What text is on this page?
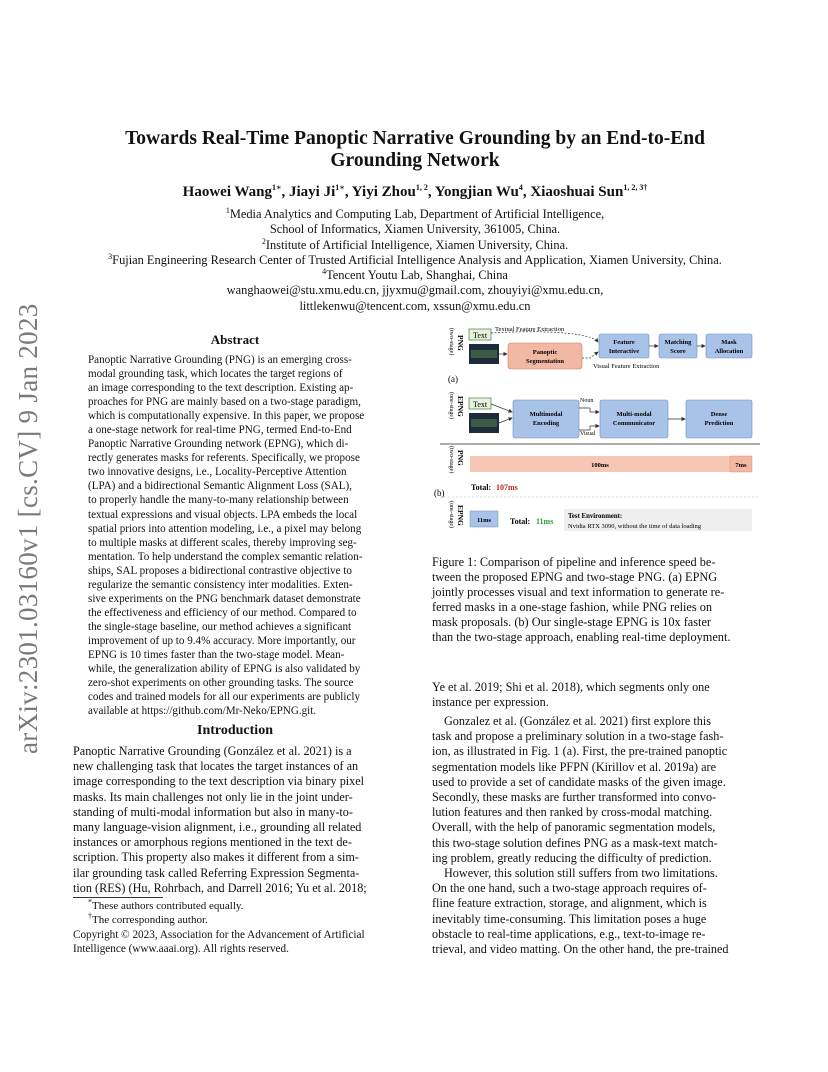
arXiv:2301.03160v1 [cs.CV] 9 Jan 2023
Towards Real-Time Panoptic Narrative Grounding by an End-to-End
Grounding Network
Haowei Wang$^{1∗}$, Jiayi $Ji^{1∗}$, Yiyi Zhou$^{1, 2}$, Yongjian Wu$^4$, Xiaoshuai Sun$^{1, 2, 3\dagger}$
$^1$Media Analytics and Computing Lab, Department of Artificial Intelligence,
School of Informatics, Xiamen University, 361005, China.
$^2$Institute of Artificial Intelligence, Xiamen University, China.
$^3$Fujian Engineering Research Center of Trusted Artificial Intelligence Analysis and Application, Xiamen University, China.
$^4$Tencent Youtu Lab, Shanghai, China
wanghaowei@stu.xmu.edu.cn, jjyxmu@gmail.com, zhouyiyi@xmu.edu.cn,
littlekenwu@tencent.com, xssun@xmu.edu.cn
Abstract
Panoptic Narrative Grounding (PNG) is an emerging cross-
modal grounding task, which locates the target regions of
an image corresponding to the text description. Existing ap-
proaches for PNG are mainly based on a two-stage paradigm,
which is computationally expensive. In this paper, we propose
a one-stage network for real-time PNG, termed End-to-End
Panoptic Narrative Grounding network (EPNG), which di-
rectly generates masks for referents. Specifically, we propose
two innovative designs, i.e., Locality-Perceptive Attention
(LPA) and a bidirectional Semantic Alignment Loss (SAL),
to properly handle the many-to-many relationship between
textual expressions and visual objects. LPA embeds the local
spatial priors into attention modeling, i.e., a pixel may belong
to multiple masks at different scales, thereby improving seg-
mentation. To help understand the complex semantic relation-
ships, SAL proposes a bidirectional contrastive objective to
regularize the semantic consistency inter modalities. Exten-
sive experiments on the PNG benchmark dataset demonstrate
the effectiveness and efficiency of our method. Compared to
the single-stage baseline, our method achieves a significant
improvement of up to 9.4% accuracy. More importantly, our
EPNG is 10 times faster than the two-stage model. Mean-
while, the generalization ability of EPNG is also validated by
zero-shot experiments on other grounding tasks. The source
codes and trained models for all our experiments are publicly
available at https://github.com/Mr-Neko/EPNG.git.
Introduction
Panoptic Narrative Grounding (González et al. 2021) is a
new challenging task that locates the target instances of an
image corresponding to the text description via binary pixel
masks. Its main challenges not only lie in the joint under-
standing of multi-modal information but also in many-to-
many language-vision alignment, i.e., grounding all related
instances or amorphous regions mentioned in the text de-
scription. This property also makes it different from a sim-
ilar grounding task called Referring Expression Segmenta-
tion (RES) (Hu, Rohrbach, and Darrell 2016; Yu et al. 2018;
*These authors contributed equally.
†The corresponding author.
Copyright © 2023, Association for the Advancement of Artificial
Intelligence (www.aaai.org). All rights reserved.
PNG
(two-stage) Text
Textual Feature Extraction
Panoptic
Segmentation
Visual Feature Extraction
Feature
Interactive
Matching
Score
Mask
Allocation
(a)
EPNG
(one-stage) Text
Multimodal
Encoding
Noun
Visual
Multi-modal
Communicator
Dense
Prediction
PNG
(two-stage)	100ms	7ms
(b)
Total: 107ms
EPNG
(one-stage)	11ms Total: 11ms
Test Environment:
Nvidia RTX 3090, without the time of data loading
Figure 1: Comparison of pipeline and inference speed be-
tween the proposed EPNG and two-stage PNG. (a) EPNG
jointly processes visual and text information to generate re-
ferred masks in a one-stage fashion, while PNG relies on
mask proposals. (b) Our single-stage EPNG is 10x faster
than the two-stage approach, enabling real-time deployment.
Ye et al. 2019; Shi et al. 2018), which segments only one
instance per expression.
Gonzalez et al. (González et al. 2021) first explore this
task and propose a preliminary solution in a two-stage fash-
ion, as illustrated in Fig. 1 (a). First, the pre-trained panoptic
segmentation models like PFPN (Kirillov et al. 2019a) are
used to provide a set of candidate masks of the given image.
Secondly, these masks are further transformed into convo-
lution features and then ranked by cross-modal matching.
Overall, with the help of panoramic segmentation models,
this two-stage solution defines PNG as a mask-text match-
ing problem, greatly reducing the difficulty of prediction.
However, this solution still suffers from two limitations.
On the one hand, such a two-stage approach requires of-
fline feature extraction, storage, and alignment, which is
inevitably time-consuming. This limitation poses a huge
obstacle to real-time applications, e.g., text-to-image re-
trieval, and video matting. On the other hand, the pre-trained
